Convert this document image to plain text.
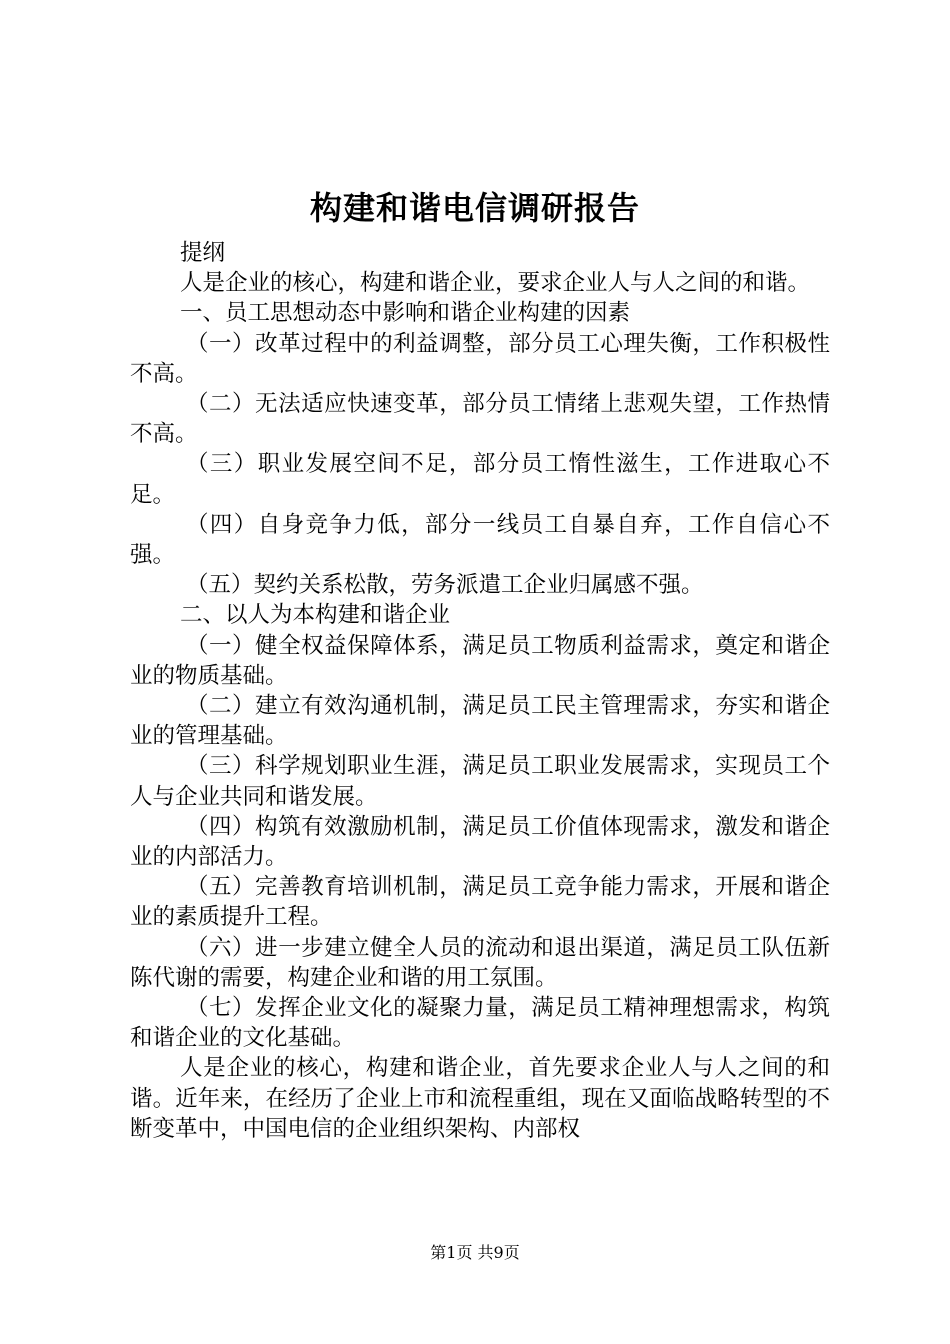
构建和谐电信调研报告

提纲

人是企业的核心，构建和谐企业，要求企业人与人之间的和谐。

一、员工思想动态中影响和谐企业构建的因素

（一）改革过程中的利益调整，部分员工心理失衡，工作积极性不高。

（二）无法适应快速变革，部分员工情绪上悲观失望，工作热情不高。

（三）职业发展空间不足，部分员工惰性滋生，工作进取心不足。

（四）自身竞争力低，部分一线员工自暴自弃，工作自信心不强。

（五）契约关系松散，劳务派遣工企业归属感不强。

二、以人为本构建和谐企业

（一）健全权益保障体系，满足员工物质利益需求，奠定和谐企业的物质基础。

（二）建立有效沟通机制，满足员工民主管理需求，夯实和谐企业的管理基础。

（三）科学规划职业生涯，满足员工职业发展需求，实现员工个人与企业共同和谐发展。

（四）构筑有效激励机制，满足员工价值体现需求，激发和谐企业的内部活力。

（五）完善教育培训机制，满足员工竞争能力需求，开展和谐企业的素质提升工程。

（六）进一步建立健全人员的流动和退出渠道，满足员工队伍新陈代谢的需要，构建企业和谐的用工氛围。

（七）发挥企业文化的凝聚力量，满足员工精神理想需求，构筑和谐企业的文化基础。

人是企业的核心，构建和谐企业，首先要求企业人与人之间的和谐。近年来，在经历了企业上市和流程重组，现在又面临战略转型的不断变革中，中国电信的企业组织架构、内部权

第1页 共9页
